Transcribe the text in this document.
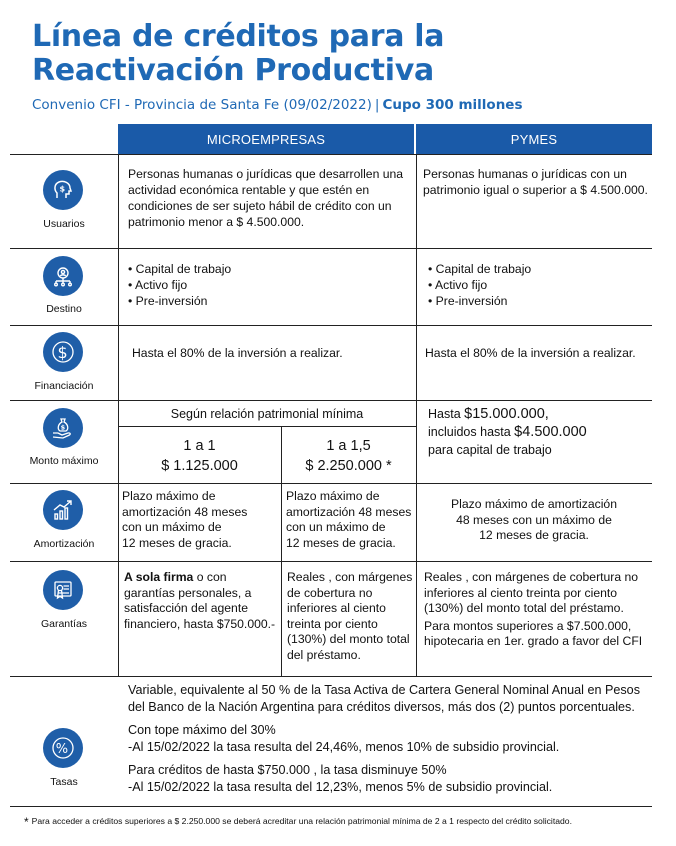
Línea de créditos para la
Reactivación Productiva
Convenio CFI - Provincia de Santa Fe (09/02/2022) | Cupo 300 millones
MICROEMPRESAS	PYMES
$
Usuarios
Personas humanas o jurídicas que desarrollen una actividad económica rentable y que estén en condiciones de ser sujeto hábil de crédito con un patrimonio menor a $ 4.500.000.
Personas humanas o jurídicas con un patrimonio igual o superior a $ 4.500.000.
Destino
• Capital de trabajo
• Activo fijo
• Pre-inversión
• Capital de trabajo
• Activo fijo
• Pre-inversión
$
Financiación
Hasta el 80% de la inversión a realizar.	Hasta el 80% de la inversión a realizar.
$
Monto máximo
Según relación patrimonial mínima
1 a 1
$ 1.125.000
1 a 1,5
$ 2.250.000 *
Hasta $15.000.000,
incluidos hasta $4.500.000
para capital de trabajo
Amortización
Plazo máximo de
amortización 48 meses
con un máximo de
12 meses de gracia.
Plazo máximo de
amortización 48 meses
con un máximo de
12 meses de gracia.
Plazo máximo de amortización
48 meses con un máximo de
12 meses de gracia.
Garantías
A sola firma o con garantías personales, a satisfacción del agente financiero, hasta $750.000.-
Reales , con márgenes de cobertura no inferiores al ciento treinta por ciento (130%) del monto total del préstamo.
Reales , con márgenes de cobertura no inferiores al ciento treinta por ciento (130%) del monto total del préstamo.
Para montos superiores a $7.500.000, hipotecaria en 1er. grado a favor del CFI
%
Tasas
Variable, equivalente al 50 % de la Tasa Activa de Cartera General Nominal Anual en Pesos del Banco de la Nación Argentina para créditos diversos, más dos (2) puntos porcentuales.
Con tope máximo del 30%
-Al 15/02/2022 la tasa resulta del 24,46%, menos 10% de subsidio provincial.
Para créditos de hasta $750.000 , la tasa disminuye 50%
-Al 15/02/2022 la tasa resulta del 12,23%, menos 5% de subsidio provincial.
* Para acceder a créditos superiores a $ 2.250.000 se deberá acreditar una relación patrimonial mínima de 2 a 1 respecto del crédito solicitado.
